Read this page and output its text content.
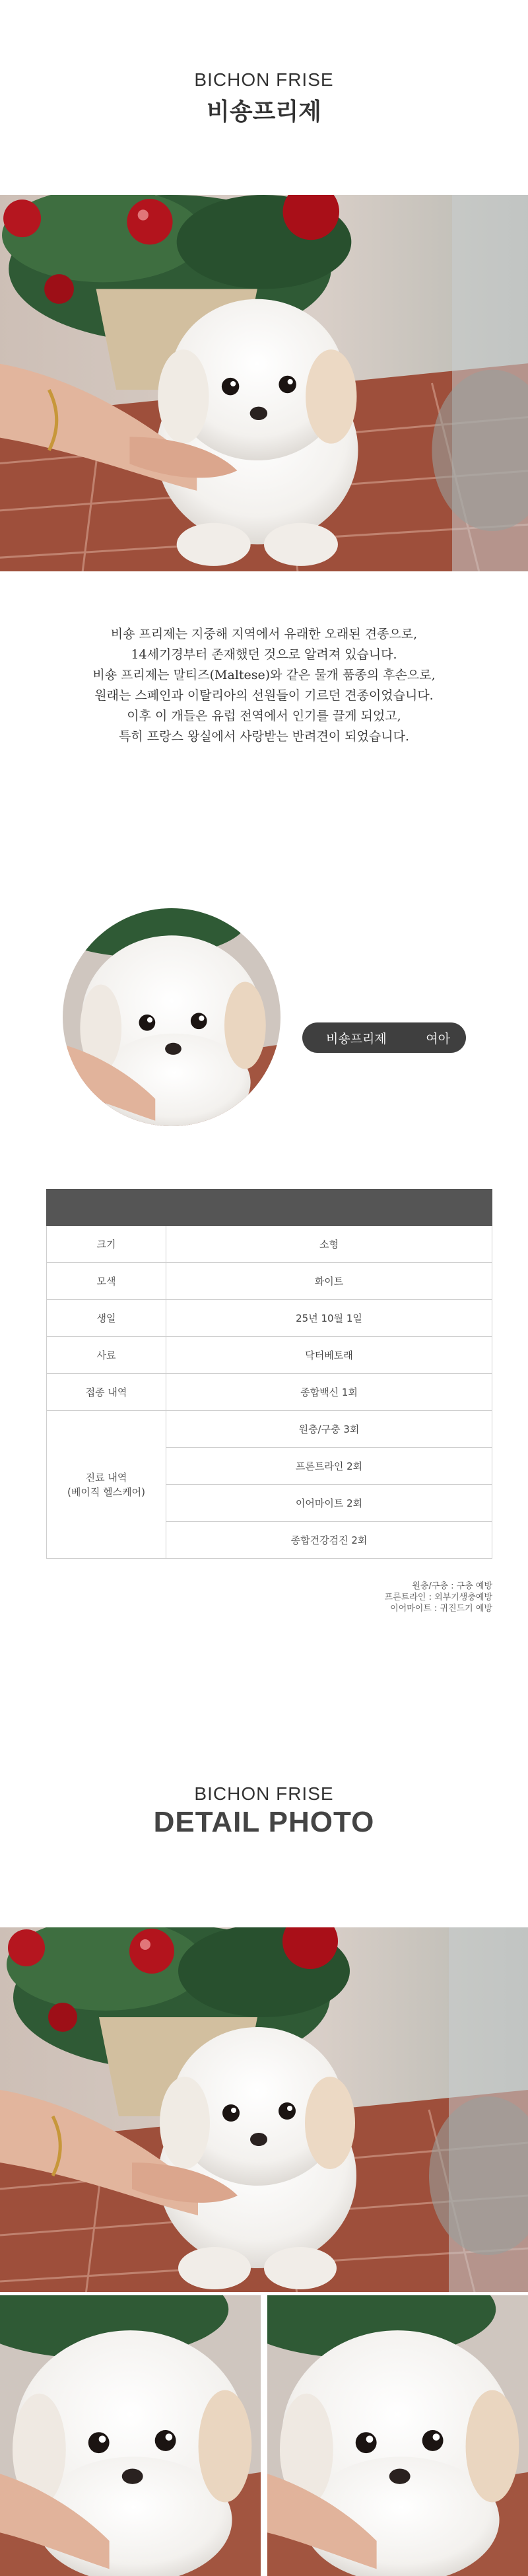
BICHON FRISE
비숑프리제

비숑 프리제는 지중해 지역에서 유래한 오래된 견종으로,

14세기경부터 존재했던 것으로 알려져 있습니다.

비숑 프리제는 말티즈(Maltese)와 같은 물개 품종의 후손으로,

원래는 스페인과 이탈리아의 선원들이 기르던 견종이었습니다.

이후 이 개들은 유럽 전역에서 인기를 끌게 되었고,

특히 프랑스 왕실에서 사랑받는 반려견이 되었습니다.

비숑프리제	여아

크기	소형
모색	화이트
생일	25년 10월 1일
사료	닥터베토래
접종 내역	종합백신 1회

진료 내역
(베이직 헬스케어)	원충/구충 3회
	프론트라인 2회
	이어마이트 2회
	종합건강검진 2회
원충/구충 : 구충 예방
프론트라인 : 외부기생충예방
이어마이트 : 귀진드기 예방
BICHON FRISE
DETAIL PHOTO
